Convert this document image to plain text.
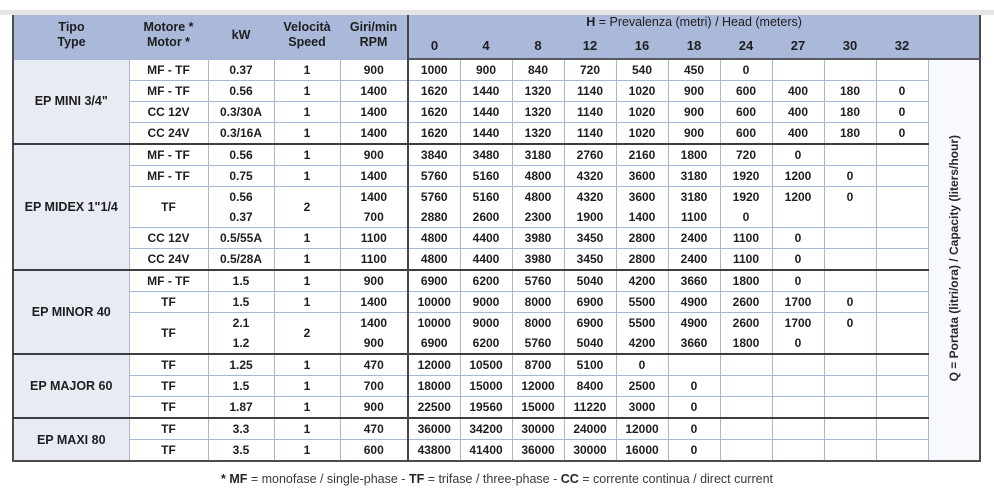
Tipo
Type

Motore *
Motor *

kW

Velocità
Speed

Giri/min
RPM
	H = Prevalenza (metri) / Head (meters)
					0	4	8	12	16	18	24	27	30	32	
EP MINI 3/4"	MF - TF	0.37	1	900	1000	900	840	720	540	450	0				Q = Portata (litri/ora) / Capacity (liters/hour)
	MF - TF	0.56	1	1400	1620	1440	1320	1140	1020	900	600	400	180	0	
	CC 12V	0.3/30A	1	1400	1620	1440	1320	1140	1020	900	600	400	180	0	
	CC 24V	0.3/16A	1	1400	1620	1440	1320	1140	1020	900	600	400	180	0	
EP MIDEX 1"1/4	MF - TF	0.56	1	900	3840	3480	3180	2760	2160	1800	720	0			
	MF - TF	0.75	1	1400	5760	5160	4800	4320	3600	3180	1920	1200	0		
	TF	0.56	2	1400	5760	5160	4800	4320	3600	3180	1920	1200	0		
		0.37		700	2880	2600	2300	1900	1400	1100	0				
	CC 12V	0.5/55A	1	1100	4800	4400	3980	3450	2800	2400	1100	0			
	CC 24V	0.5/28A	1	1100	4800	4400	3980	3450	2800	2400	1100	0			
EP MINOR 40	MF - TF	1.5	1	900	6900	6200	5760	5040	4200	3660	1800	0			
	TF	1.5	1	1400	10000	9000	8000	6900	5500	4900	2600	1700	0		
	TF	2.1	2	1400	10000	9000	8000	6900	5500	4900	2600	1700	0		
		1.2		900	6900	6200	5760	5040	4200	3660	1800	0			
EP MAJOR 60	TF	1.25	1	470	12000	10500	8700	5100	0						
	TF	1.5	1	700	18000	15000	12000	8400	2500	0					
	TF	1.87	1	900	22500	19560	15000	11220	3000	0					
EP MAXI 80	TF	3.3	1	470	36000	34200	30000	24000	12000	0					
	TF	3.5	1	600	43800	41400	36000	30000	16000	0					
* MF = monofase / single-phase - TF = trifase / three-phase - CC = corrente continua / direct current
